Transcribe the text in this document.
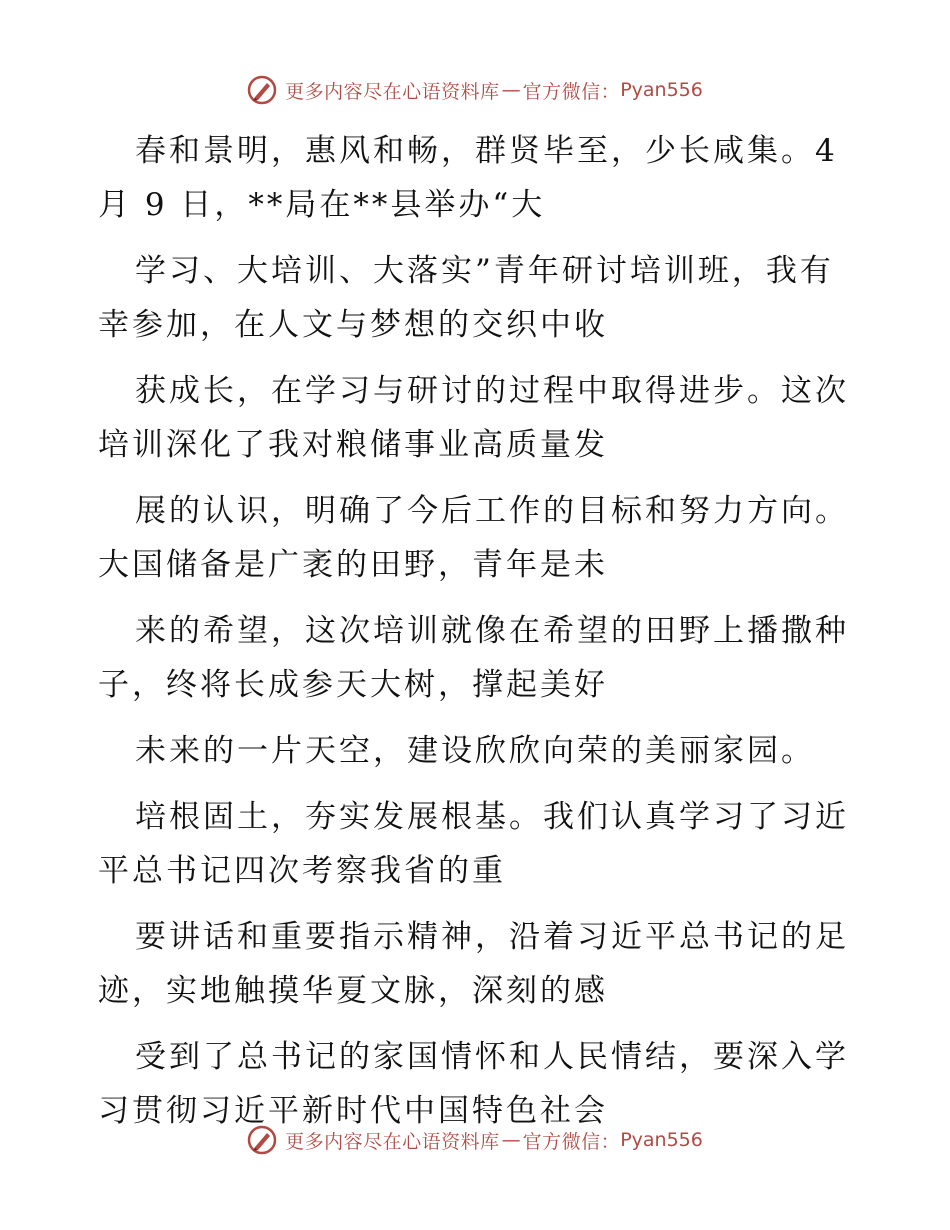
更多内容尽在心语资料库 — 官方微信： Pyan556
春和景明，惠风和畅，群贤毕至，少长咸集。4
月 9 日，**局在**县举办“大
学习、大培训、大落实”青年研讨培训班，我有
幸参加，在人文与梦想的交织中收
获成长，在学习与研讨的过程中取得进步。这次
培训深化了我对粮储事业高质量发
展的认识，明确了今后工作的目标和努力方向。
大国储备是广袤的田野，青年是未
来的希望，这次培训就像在希望的田野上播撒种
子，终将长成参天大树，撑起美好
未来的一片天空，建设欣欣向荣的美丽家园。
培根固土，夯实发展根基。我们认真学习了习近
平总书记四次考察我省的重
要讲话和重要指示精神，沿着习近平总书记的足
迹，实地触摸华夏文脉，深刻的感
受到了总书记的家国情怀和人民情结，要深入学
习贯彻习近平新时代中国特色社会
更多内容尽在心语资料库 — 官方微信： Pyan556
